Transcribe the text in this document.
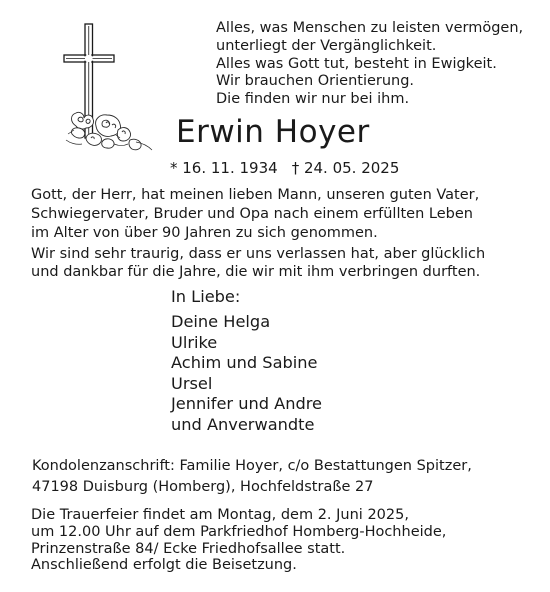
Alles, was Menschen zu leisten vermögen,
unterliegt der Vergänglichkeit.
Alles was Gott tut, besteht in Ewigkeit.
Wir brauchen Orientierung.
Die finden wir nur bei ihm.
Erwin Hoyer
* 16. 11. 1934 † 24. 05. 2025
Gott, der Herr, hat meinen lieben Mann, unseren guten Vater,
Schwiegervater, Bruder und Opa nach einem erfüllten Leben
im Alter von über 90 Jahren zu sich genommen.
Wir sind sehr traurig, dass er uns verlassen hat, aber glücklich
und dankbar für die Jahre, die wir mit ihm verbringen durften.
In Liebe:
Deine Helga
Ulrike
Achim und Sabine
Ursel
Jennifer und Andre
und Anverwandte
Kondolenzanschrift: Familie Hoyer, c/o Bestattungen Spitzer,
47198 Duisburg (Homberg), Hochfeldstraße 27
Die Trauerfeier findet am Montag, dem 2. Juni 2025,
um 12.00 Uhr auf dem Parkfriedhof Homberg-Hochheide,
Prinzenstraße 84/ Ecke Friedhofsallee statt.
Anschließend erfolgt die Beisetzung.
